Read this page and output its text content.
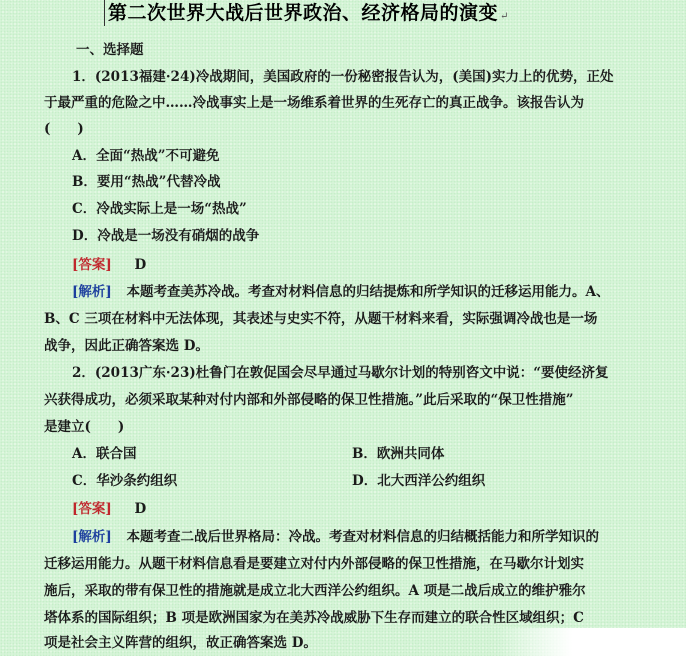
第二次世界大战后世界政治、经济格局的演变 ↵
一、选择题
1．(2013福建·24)冷战期间，美国政府的一份秘密报告认为，(美国)实力上的优势，正处
于最严重的危险之中……冷战事实上是一场维系着世界的生死存亡的真正战争。该报告认为
(　　)
A．全面“热战”不可避免
B．要用“热战”代替冷战
C．冷战实际上是一场“热战”
D．冷战是一场没有硝烟的战争
[答案] D
[解析] 本题考查美苏冷战。考查对材料信息的归结提炼和所学知识的迁移运用能力。A、
B、C 三项在材料中无法体现，其表述与史实不符，从题干材料来看，实际强调冷战也是一场
战争，因此正确答案选 D。
2．(2013广东·23)杜鲁门在敦促国会尽早通过马歇尔计划的特别咨文中说：“要使经济复
兴获得成功，必须采取某种对付内部和外部侵略的保卫性措施。”此后采取的“保卫性措施”
是建立(　　)
A．联合国	B．欧洲共同体
C．华沙条约组织	D．北大西洋公约组织
[答案] D
[解析] 本题考查二战后世界格局：冷战。考查对材料信息的归结概括能力和所学知识的
迁移运用能力。从题干材料信息看是要建立对付内外部侵略的保卫性措施，在马歇尔计划实
施后，采取的带有保卫性的措施就是成立北大西洋公约组织。A 项是二战后成立的维护雅尔
塔体系的国际组织；B 项是欧洲国家为在美苏冷战威胁下生存而建立的联合性区域组织；C
项是社会主义阵营的组织，故正确答案选 D。
